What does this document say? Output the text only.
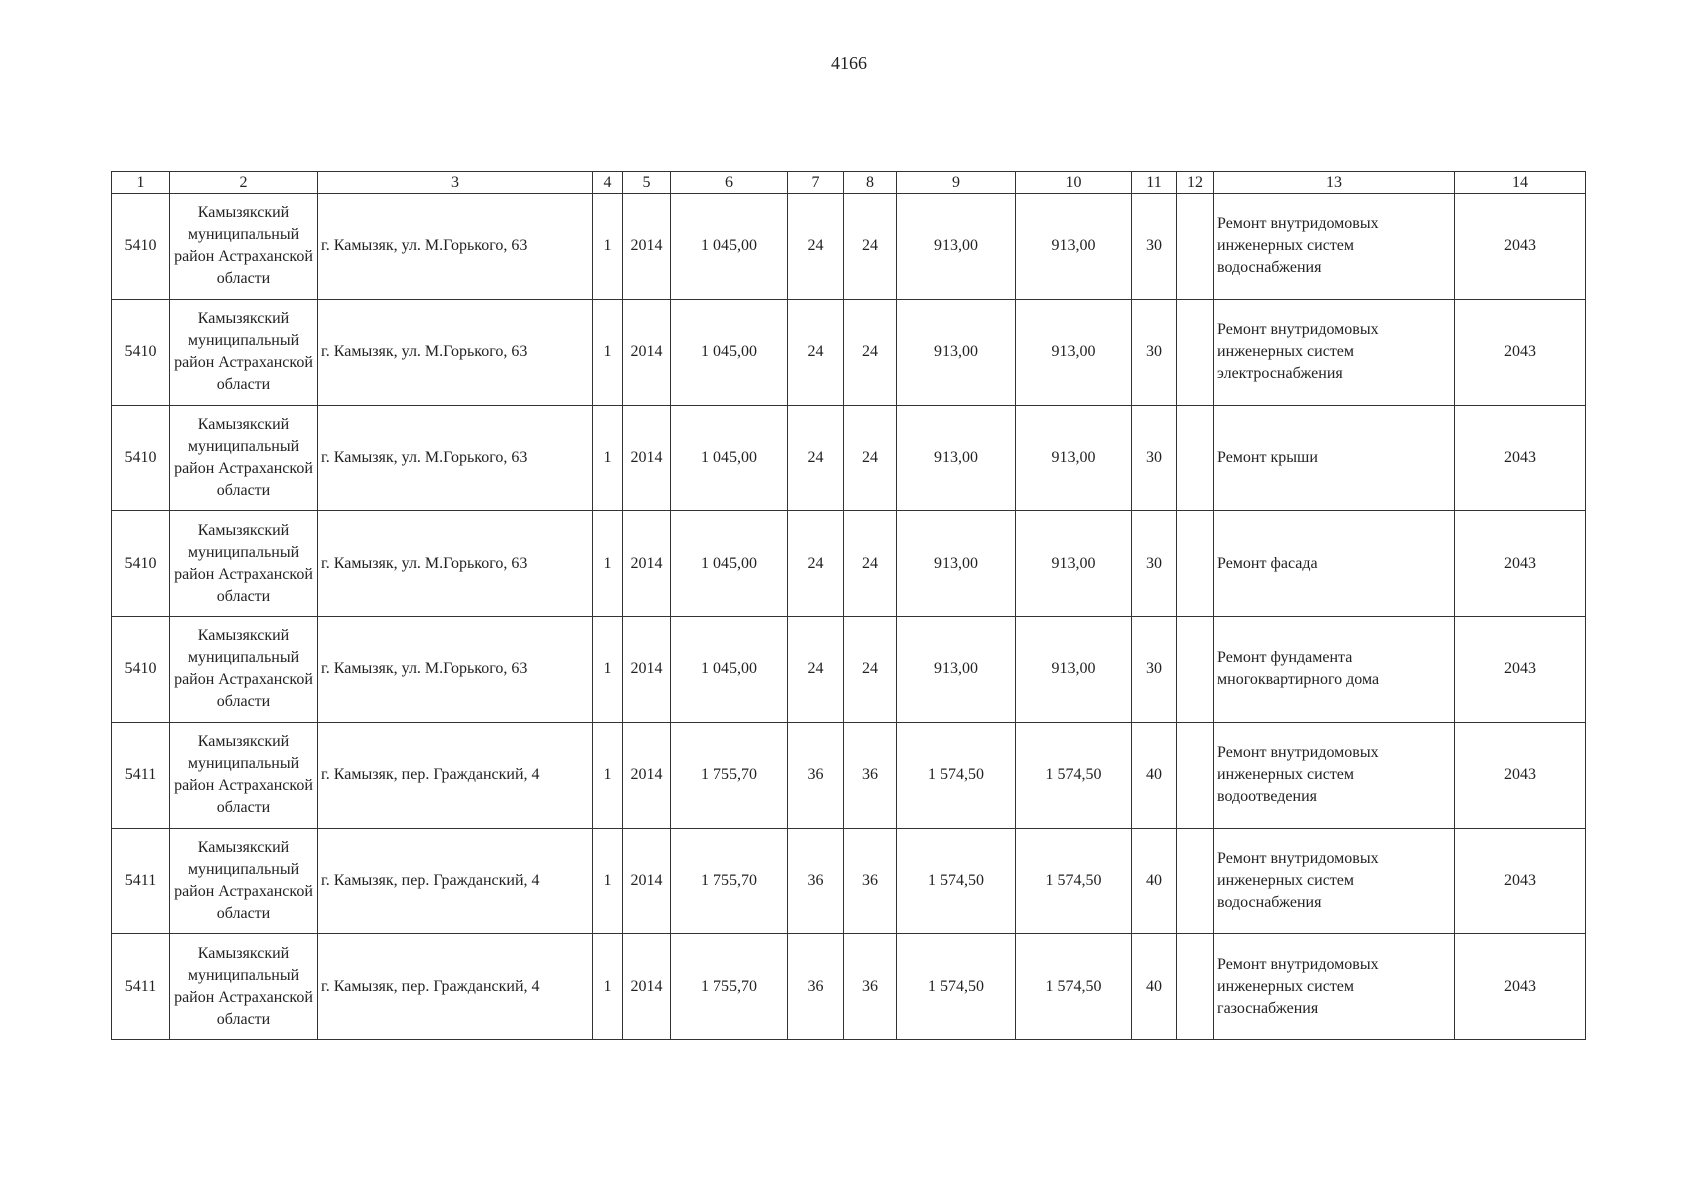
4166
1	2	3	4	5	6	7	8	9	10	11	12	13	14
5410	Камызякский муниципальный район Астраханской области	г. Камызяк, ул. М.Горького, 63	1	2014	1 045,00	24	24	913,00	913,00	30		Ремонт внутридомовых инженерных систем водоснабжения	2043
5410	Камызякский муниципальный район Астраханской области	г. Камызяк, ул. М.Горького, 63	1	2014	1 045,00	24	24	913,00	913,00	30		Ремонт внутридомовых инженерных систем электроснабжения	2043
5410	Камызякский муниципальный район Астраханской области	г. Камызяк, ул. М.Горького, 63	1	2014	1 045,00	24	24	913,00	913,00	30		Ремонт крыши	2043
5410	Камызякский муниципальный район Астраханской области	г. Камызяк, ул. М.Горького, 63	1	2014	1 045,00	24	24	913,00	913,00	30		Ремонт фасада	2043
5410	Камызякский муниципальный район Астраханской области	г. Камызяк, ул. М.Горького, 63	1	2014	1 045,00	24	24	913,00	913,00	30		Ремонт фундамента многоквартирного дома	2043
5411	Камызякский муниципальный район Астраханской области	г. Камызяк, пер. Гражданский, 4	1	2014	1 755,70	36	36	1 574,50	1 574,50	40		Ремонт внутридомовых инженерных систем водоотведения	2043
5411	Камызякский муниципальный район Астраханской области	г. Камызяк, пер. Гражданский, 4	1	2014	1 755,70	36	36	1 574,50	1 574,50	40		Ремонт внутридомовых инженерных систем водоснабжения	2043
5411	Камызякский муниципальный район Астраханской области	г. Камызяк, пер. Гражданский, 4	1	2014	1 755,70	36	36	1 574,50	1 574,50	40		Ремонт внутридомовых инженерных систем газоснабжения	2043
